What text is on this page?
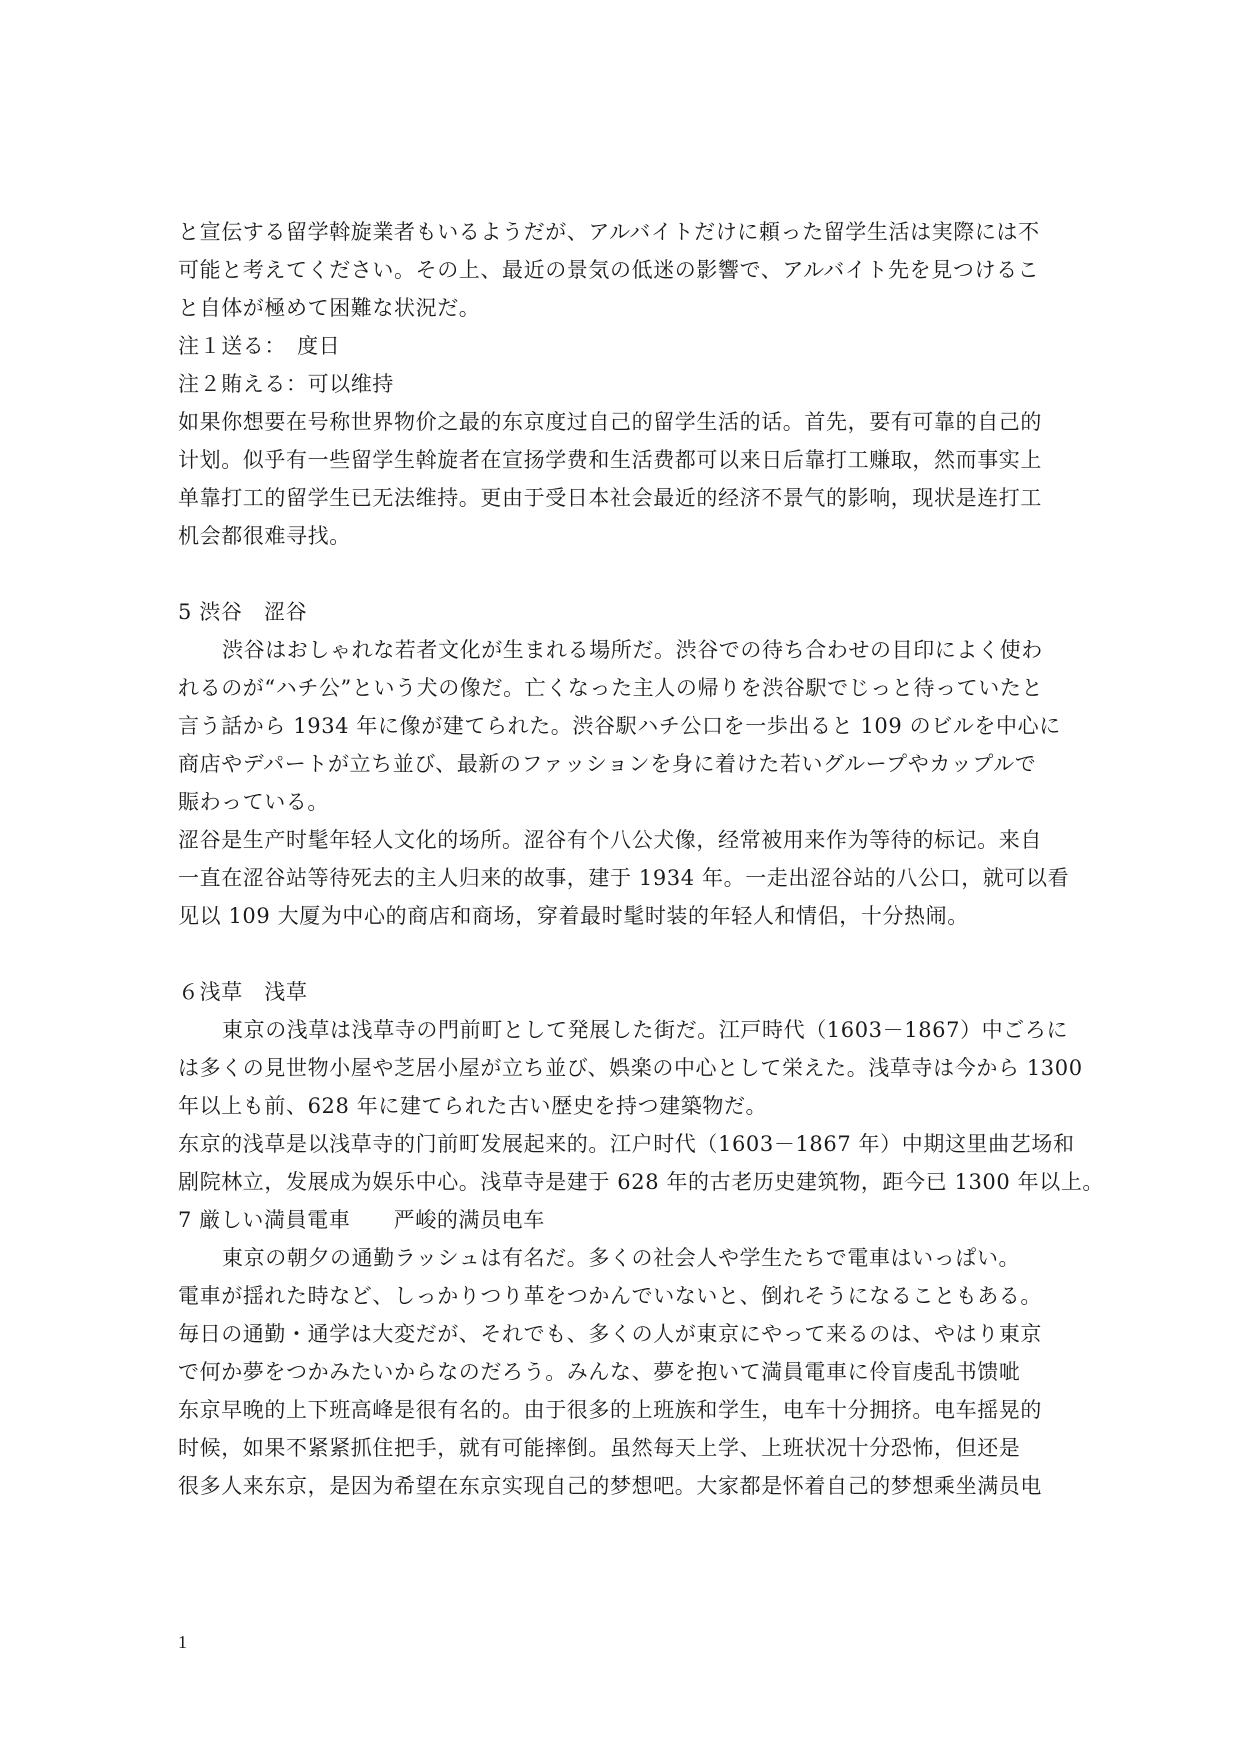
と宣伝する留学斡旋業者もいるようだが、アルバイトだけに頼った留学生活は実際には不
可能と考えてください。その上、最近の景気の低迷の影響で、アルバイト先を見つけるこ
と自体が極めて困難な状況だ。
注１送る：　度日
注２賄える：可以维持
如果你想要在号称世界物价之最的东京度过自己的留学生活的话。首先，要有可靠的自己的
计划。似乎有一些留学生斡旋者在宣扬学费和生活费都可以来日后靠打工赚取，然而事实上
单靠打工的留学生已无法维持。更由于受日本社会最近的经济不景气的影响，现状是连打工
机会都很难寻找。
5 渋谷　涩谷
渋谷はおしゃれな若者文化が生まれる場所だ。渋谷での待ち合わせの目印によく使わ
れるのが“ハチ公”という犬の像だ。亡くなった主人の帰りを渋谷駅でじっと待っていたと
言う話から 1934 年に像が建てられた。渋谷駅ハチ公口を一歩出ると 109 のビルを中心に
商店やデパートが立ち並び、最新のファッションを身に着けた若いグループやカップルで
賑わっている。
涩谷是生产时髦年轻人文化的场所。涩谷有个八公犬像，经常被用来作为等待的标记。来自
一直在涩谷站等待死去的主人归来的故事，建于 1934 年。一走出涩谷站的八公口，就可以看
见以 109 大厦为中心的商店和商场，穿着最时髦时装的年轻人和情侣，十分热闹。
６浅草　浅草
東京の浅草は浅草寺の門前町として発展した街だ。江戸時代（1603－1867）中ごろに
は多くの見世物小屋や芝居小屋が立ち並び、娯楽の中心として栄えた。浅草寺は今から 1300
年以上も前、628 年に建てられた古い歴史を持つ建築物だ。
东京的浅草是以浅草寺的门前町发展起来的。江户时代（1603－1867 年）中期这里曲艺场和
剧院林立，发展成为娱乐中心。浅草寺是建于 628 年的古老历史建筑物，距今已 1300 年以上。
7 厳しい満員電車　　严峻的满员电车
東京の朝夕の通勤ラッシュは有名だ。多くの社会人や学生たちで電車はいっぱい。
電車が揺れた時など、しっかりつり革をつかんでいないと、倒れそうになることもある。
毎日の通勤・通学は大変だが、それでも、多くの人が東京にやって来るのは、やはり東京
で何か夢をつかみたいからなのだろう。みんな、夢を抱いて満員電車に伶盲虔乱书馈呲
东京早晚的上下班高峰是很有名的。由于很多的上班族和学生，电车十分拥挤。电车摇晃的
时候，如果不紧紧抓住把手，就有可能摔倒。虽然每天上学、上班状况十分恐怖，但还是
很多人来东京，是因为希望在东京实现自己的梦想吧。大家都是怀着自己的梦想乘坐满员电
1
